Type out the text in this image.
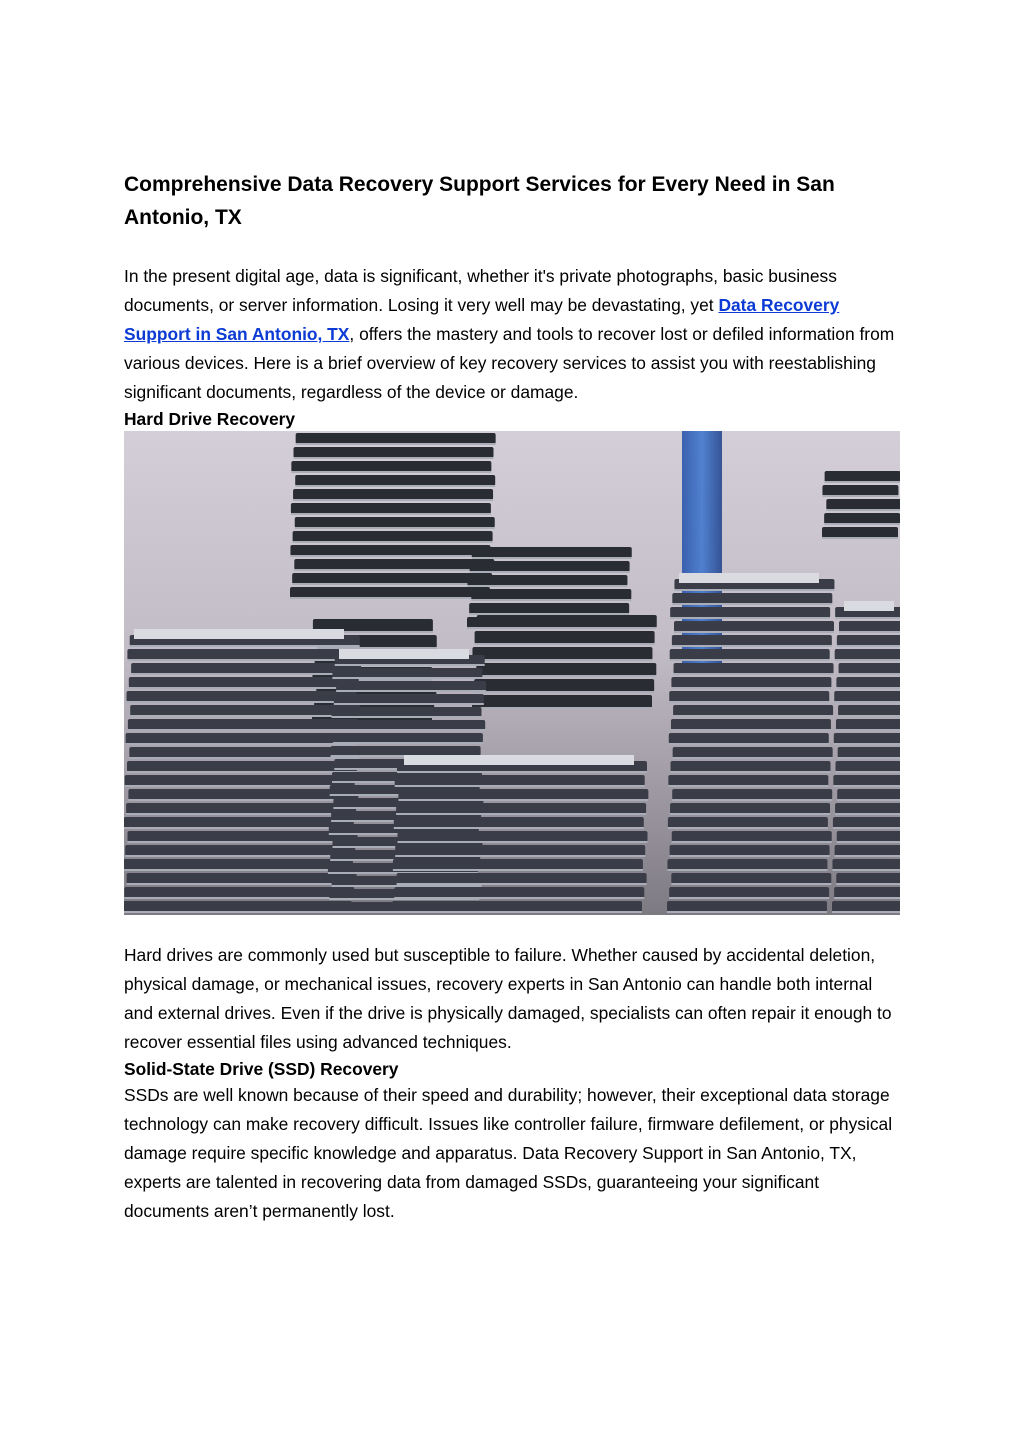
Comprehensive Data Recovery Support Services for Every Need in San Antonio, TX

In the present digital age, data is significant, whether it's private photographs, basic business documents, or server information. Losing it very well may be devastating, yet Data Recovery Support in San Antonio, TX, offers the mastery and tools to recover lost or defiled information from various devices. Here is a brief overview of key recovery services to assist you with reestablishing significant documents, regardless of the device or damage.

Hard Drive Recovery

Hard drives are commonly used but susceptible to failure. Whether caused by accidental deletion, physical damage, or mechanical issues, recovery experts in San Antonio can handle both internal and external drives. Even if the drive is physically damaged, specialists can often repair it enough to recover essential files using advanced techniques.

Solid-State Drive (SSD) Recovery

SSDs are well known because of their speed and durability; however, their exceptional data storage technology can make recovery difficult. Issues like controller failure, firmware defilement, or physical damage require specific knowledge and apparatus. Data Recovery Support in San Antonio, TX, experts are talented in recovering data from damaged SSDs, guaranteeing your significant documents aren’t permanently lost.
